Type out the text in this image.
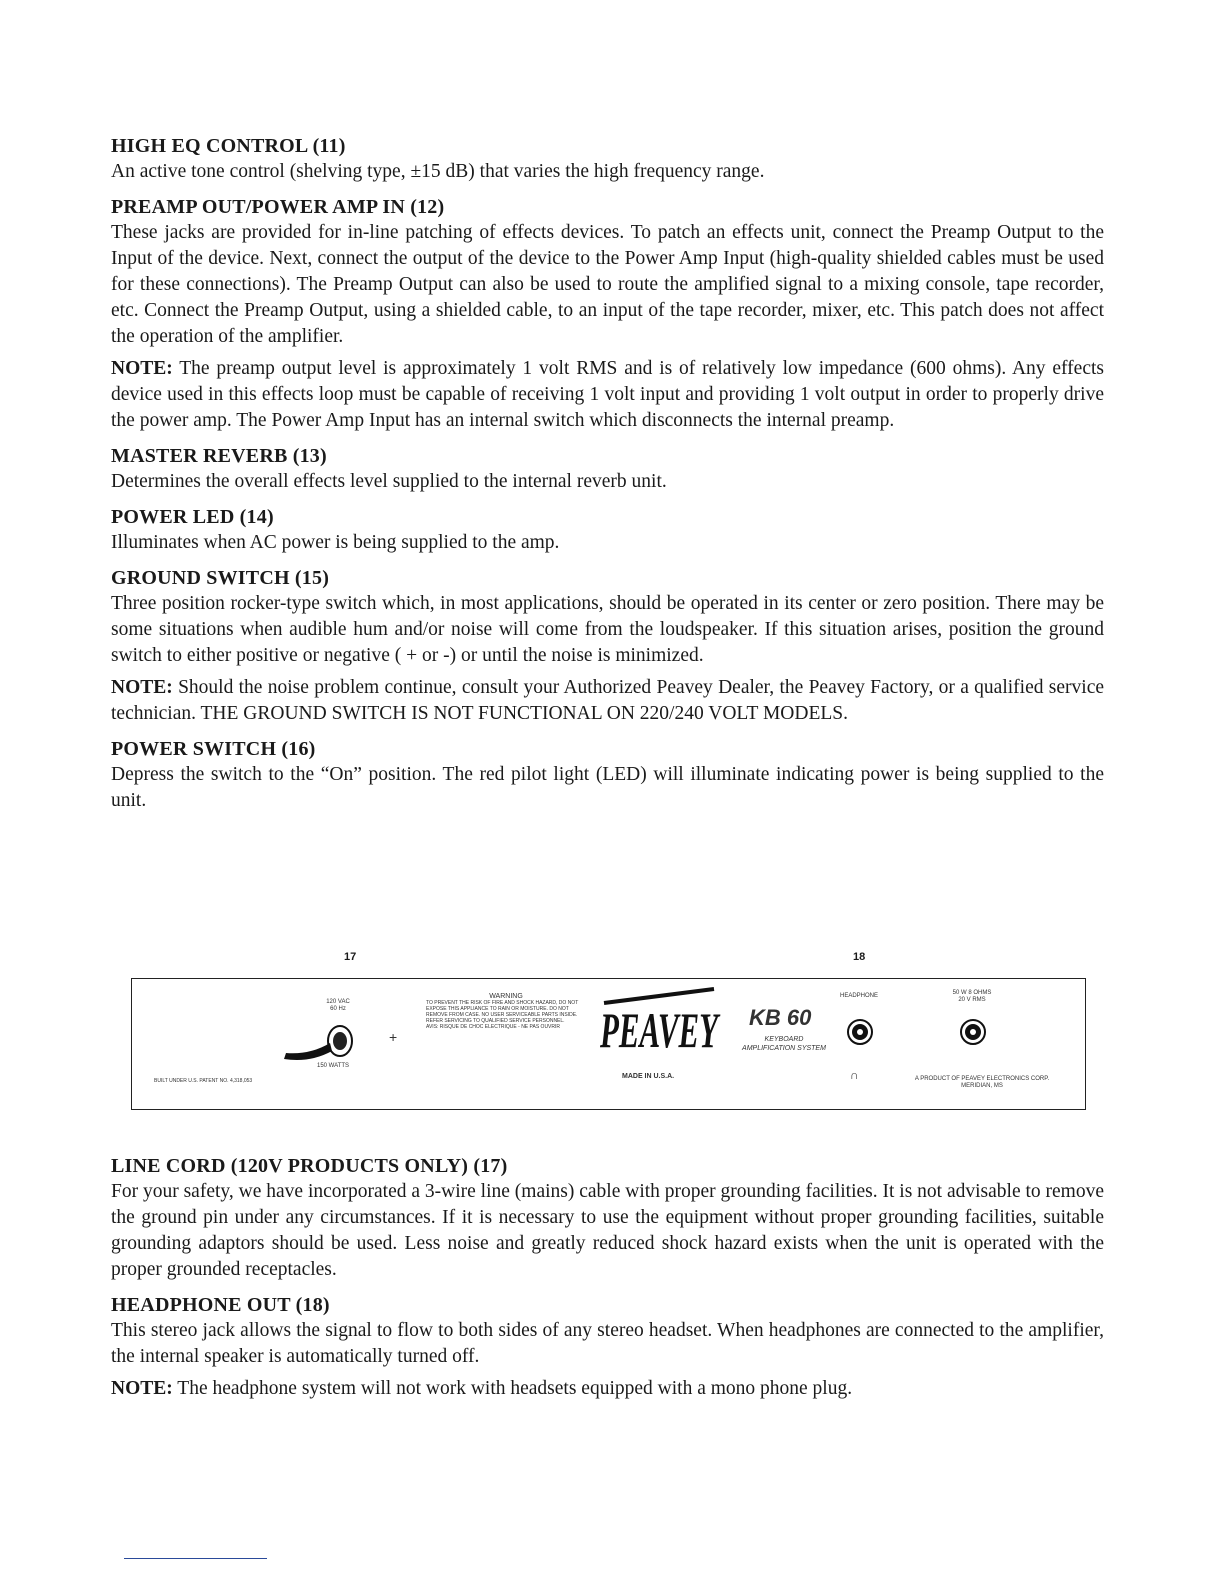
HIGH EQ CONTROL (11)

An active tone control (shelving type, ±15 dB) that varies the high frequency range.

PREAMP OUT/POWER AMP IN (12)

These jacks are provided for in-line patching of effects devices. To patch an effects unit, connect the Preamp Output to the Input of the device. Next, connect the output of the device to the Power Amp Input (high-quality shielded cables must be used for these connections). The Preamp Output can also be used to route the amplified signal to a mixing console, tape recorder, etc. Connect the Preamp Output, using a shielded cable, to an input of the tape recorder, mixer, etc. This patch does not affect the operation of the amplifier.

NOTE: The preamp output level is approximately 1 volt RMS and is of relatively low impedance (600 ohms). Any effects device used in this effects loop must be capable of receiving 1 volt input and providing 1 volt output in order to properly drive the power amp. The Power Amp Input has an internal switch which disconnects the internal preamp.

MASTER REVERB (13)

Determines the overall effects level supplied to the internal reverb unit.

POWER LED (14)

Illuminates when AC power is being supplied to the amp.

GROUND SWITCH (15)

Three position rocker-type switch which, in most applications, should be operated in its center or zero position. There may be some situations when audible hum and/or noise will come from the loudspeaker. If this situation arises, position the ground switch to either positive or negative ( + or -) or until the noise is minimized.

NOTE: Should the noise problem continue, consult your Authorized Peavey Dealer, the Peavey Factory, or a qualified service technician. THE GROUND SWITCH IS NOT FUNCTIONAL ON 220/240 VOLT MODELS.

POWER SWITCH (16)

Depress the switch to the “On” position. The red pilot light (LED) will illuminate indicating power is being supplied to the unit.

LINE CORD (120V PRODUCTS ONLY) (17)

For your safety, we have incorporated a 3-wire line (mains) cable with proper grounding facilities. It is not advisable to remove the ground pin under any circumstances. If it is necessary to use the equipment without proper grounding facilities, suitable grounding adaptors should be used. Less noise and greatly reduced shock hazard exists when the unit is operated with the proper grounded receptacles.

HEADPHONE OUT (18)

This stereo jack allows the signal to flow to both sides of any stereo headset. When headphones are connected to the amplifier, the internal speaker is automatically turned off.

NOTE: The headphone system will not work with headsets equipped with a mono phone plug.

17	18
120 VAC
60 Hz
+
150 WATTS
BUILT UNDER U.S. PATENT NO. 4,318,053
WARNING
TO PREVENT THE RISK OF FIRE AND SHOCK HAZARD, DO NOT EXPOSE THIS APPLIANCE TO RAIN OR MOISTURE. DO NOT REMOVE FROM CASE. NO USER SERVICEABLE PARTS INSIDE. REFER SERVICING TO QUALIFIED SERVICE PERSONNEL.
AVIS: RISQUE DE CHOC ELECTRIQUE - NE PAS OUVRIR PEAVEY
MADE IN U.S.A.
KB 60
KEYBOARD
AMPLIFICATION SYSTEM
HEADPHONE
∩
50 W 8 OHMS
20 V RMS
A PRODUCT OF PEAVEY ELECTRONICS CORP.
MERIDIAN, MS
